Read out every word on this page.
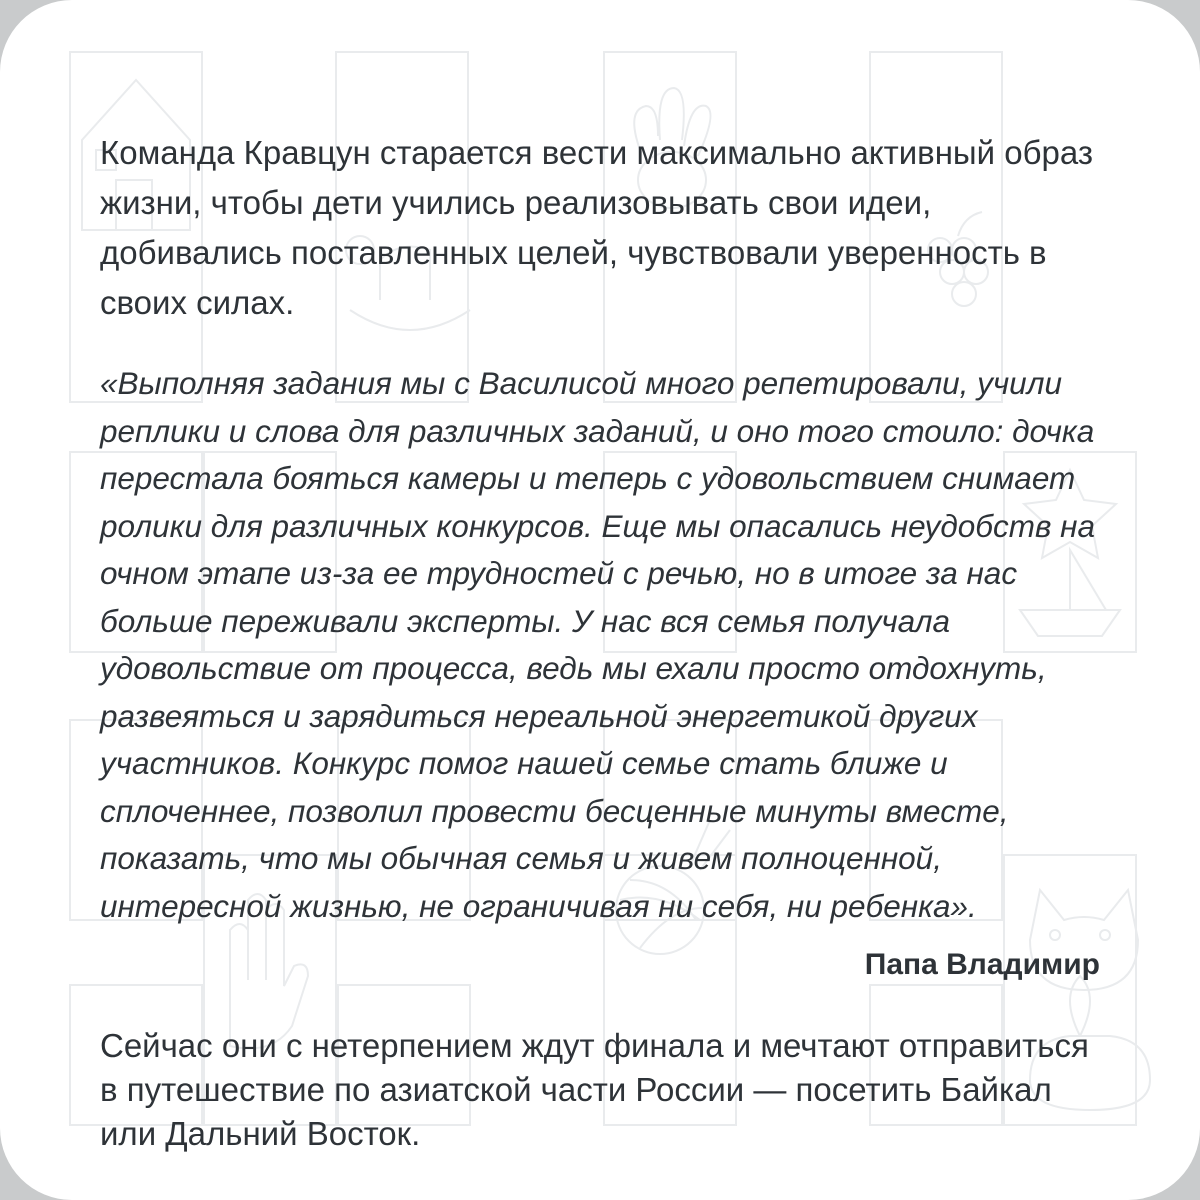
Команда Кравцун старается вести максимально активный образ жизни, чтобы дети учились реализовывать свои идеи, добивались поставленных целей, чувствовали уверенность в своих силах.

«Выполняя задания мы с Василисой много репетировали, учили реплики и слова для различных заданий, и оно того стоило: дочка перестала бояться камеры и теперь с удовольствием снимает ролики для различных конкурсов. Еще мы опасались неудобств на очном этапе из-за ее трудностей с речью, но в итоге за нас больше переживали эксперты. У нас вся семья получала удовольствие от процесса, ведь мы ехали просто отдохнуть, развеяться и зарядиться нереальной энергетикой других участников. Конкурс помог нашей семье стать ближе и сплоченнее, позволил провести бесценные минуты вместе, показать, что мы обычная семья и живем полноценной, интересной жизнью, не ограничивая ни себя, ни ребенка».

Папа Владимир

Сейчас они с нетерпением ждут финала и мечтают отправиться в путешествие по азиатской части России — посетить Байкал или Дальний Восток.
